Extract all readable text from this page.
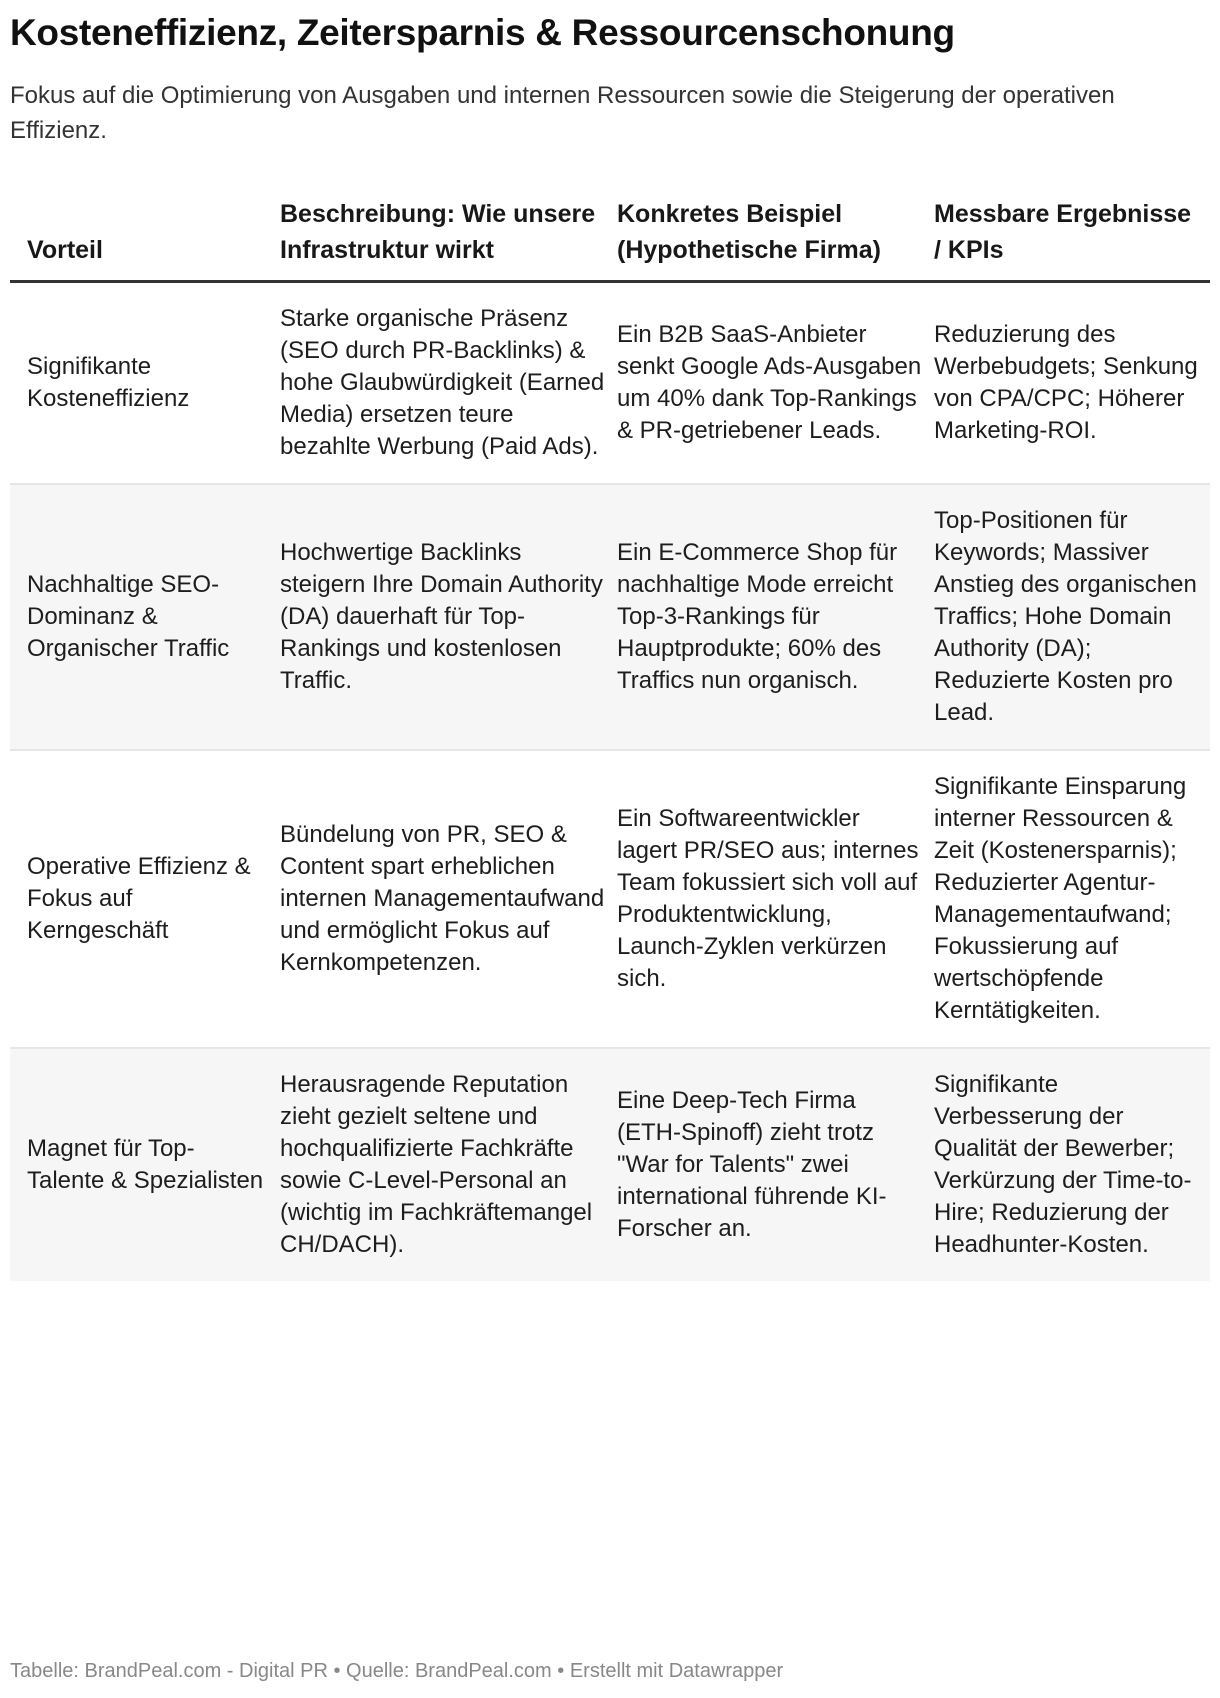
Kosteneffizienz, Zeitersparnis & Ressourcenschonung

Fokus auf die Optimierung von Ausgaben und internen Ressourcen sowie die Steigerung der operativen Effizienz.

Vorteil	Beschreibung: Wie unsere Infrastruktur wirkt	Konkretes Beispiel (Hypothetische Firma)	Messbare Ergebnisse / KPIs
Signifikante Kosteneffizienz	Starke organische Präsenz (SEO durch PR-Backlinks) & hohe Glaubwürdigkeit (Earned Media) ersetzen teure bezahlte Werbung (Paid Ads).	Ein B2B SaaS-Anbieter senkt Google Ads-Ausgaben um 40% dank Top-Rankings & PR-getriebener Leads.	Reduzierung des Werbebudgets; Senkung von CPA/CPC; Höherer Marketing-ROI.
Nachhaltige SEO-Dominanz & Organischer Traffic	Hochwertige Backlinks steigern Ihre Domain Authority (DA) dauerhaft für Top-Rankings und kostenlosen Traffic.	Ein E-Commerce Shop für nachhaltige Mode erreicht Top-3-Rankings für Hauptprodukte; 60% des Traffics nun organisch.	Top-Positionen für Keywords; Massiver Anstieg des organischen Traffics; Hohe Domain Authority (DA); Reduzierte Kosten pro Lead.
Operative Effizienz & Fokus auf Kerngeschäft	Bündelung von PR, SEO & Content spart erheblichen internen Managementaufwand und ermöglicht Fokus auf Kernkompetenzen.	Ein Softwareentwickler lagert PR/SEO aus; internes Team fokussiert sich voll auf Produktentwicklung, Launch-Zyklen verkürzen sich.	Signifikante Einsparung interner Ressourcen & Zeit (Kostenersparnis); Reduzierter Agentur-Managementaufwand; Fokussierung auf wertschöpfende Kerntätigkeiten.
Magnet für Top-Talente & Spezialisten	Herausragende Reputation zieht gezielt seltene und hochqualifizierte Fachkräfte sowie C-Level-Personal an (wichtig im Fachkräftemangel CH/DACH).	Eine Deep-Tech Firma (ETH-Spinoff) zieht trotz "War for Talents" zwei international führende KI-Forscher an.	Signifikante Verbesserung der Qualität der Bewerber; Verkürzung der Time-to-Hire; Reduzierung der Headhunter-Kosten.
Tabelle: BrandPeal.com - Digital PR • Quelle: BrandPeal.com • Erstellt mit Datawrapper
